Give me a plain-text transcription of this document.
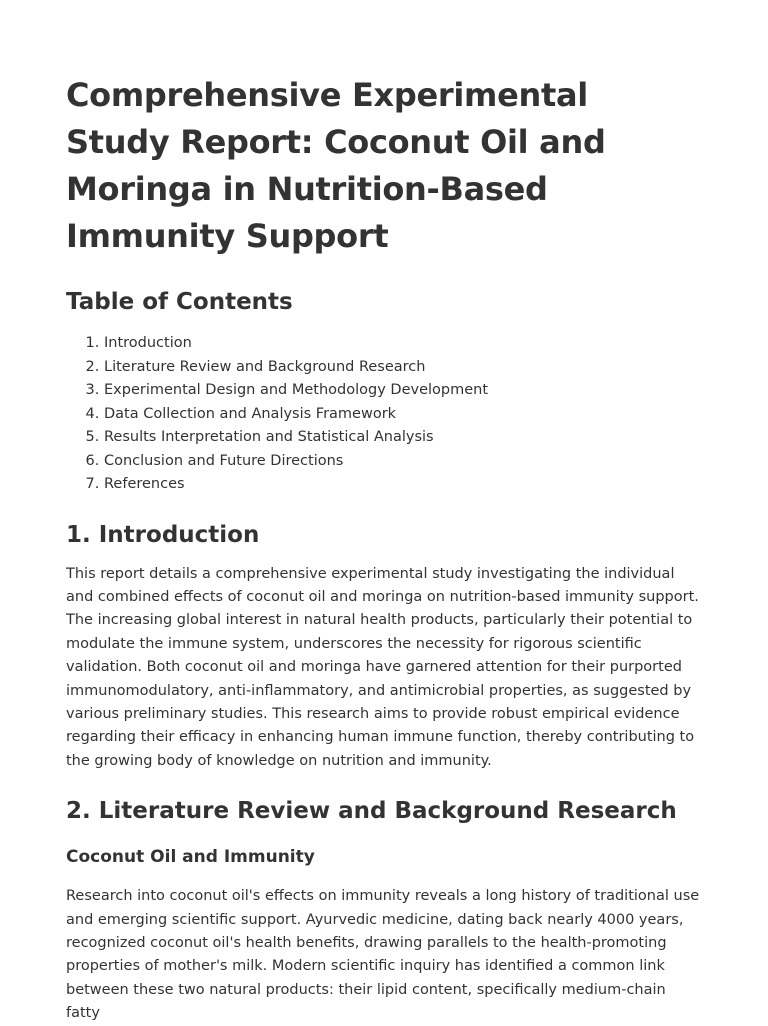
Comprehensive Experimental Study Report: Coconut Oil and Moringa in Nutrition-Based Immunity Support
Table of Contents
1. Introduction
2. Literature Review and Background Research
3. Experimental Design and Methodology Development
4. Data Collection and Analysis Framework
5. Results Interpretation and Statistical Analysis
6. Conclusion and Future Directions
7. References
1. Introduction

This report details a comprehensive experimental study investigating the individual and combined effects of coconut oil and moringa on nutrition-based immunity support. The increasing global interest in natural health products, particularly their potential to modulate the immune system, underscores the necessity for rigorous scientific validation. Both coconut oil and moringa have garnered attention for their purported immunomodulatory, anti-inflammatory, and antimicrobial properties, as suggested by various preliminary studies. This research aims to provide robust empirical evidence regarding their efficacy in enhancing human immune function, thereby contributing to the growing body of knowledge on nutrition and immunity.

2. Literature Review and Background Research
Coconut Oil and Immunity

Research into coconut oil's effects on immunity reveals a long history of traditional use and emerging scientific support. Ayurvedic medicine, dating back nearly 4000 years, recognized coconut oil's health benefits, drawing parallels to the health-promoting properties of mother's milk. Modern scientific inquiry has identified a common link between these two natural products: their lipid content, specifically medium-chain fatty
